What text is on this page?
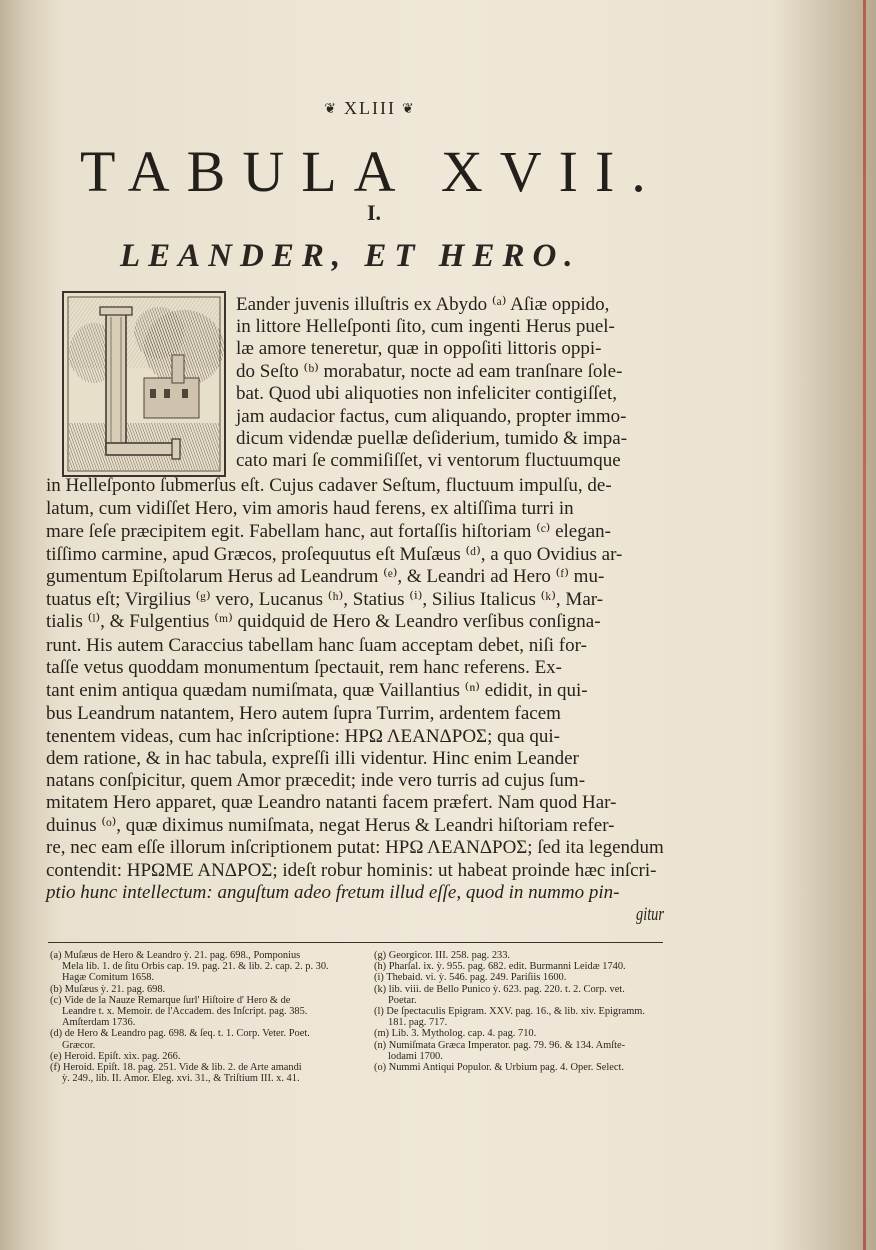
❦ XLIII ❦
TABULA XVII.
I.
LEANDER, ET HERO.
Eander juvenis illuſtris ex Abydo ⁽ᵃ⁾ Aſiæ oppido,
in littore Helleſponti ſito, cum ingenti Herus puel-
læ amore teneretur, quæ in oppoſiti littoris oppi-
do Seſto ⁽ᵇ⁾ morabatur, nocte ad eam tranſnare ſole-
bat. Quod ubi aliquoties non infeliciter contigiſſet,
jam audacior factus, cum aliquando, propter immo-
dicum videndæ puellæ deſiderium, tumido & impa-
cato mari ſe commiſiſſet, vi ventorum fluctuumque
in Helleſponto ſubmerſus eſt. Cujus cadaver Seſtum, fluctuum impulſu, de-
latum, cum vidiſſet Hero, vim amoris haud ferens, ex altiſſima turri in
mare ſeſe præcipitem egit. Fabellam hanc, aut fortaſſis hiſtoriam ⁽ᶜ⁾ elegan-
tiſſimo carmine, apud Græcos, proſequutus eſt Muſæus ⁽ᵈ⁾, a quo Ovidius ar-
gumentum Epiſtolarum Herus ad Leandrum ⁽ᵉ⁾, & Leandri ad Hero ⁽ᶠ⁾ mu-
tuatus eſt; Virgilius ⁽ᵍ⁾ vero, Lucanus ⁽ʰ⁾, Statius ⁽ⁱ⁾, Silius Italicus ⁽ᵏ⁾, Mar-
tialis ⁽ˡ⁾, & Fulgentius ⁽ᵐ⁾ quidquid de Hero & Leandro verſibus conſigna-
runt. His autem Caraccius tabellam hanc ſuam acceptam debet, niſi for-
taſſe vetus quoddam monumentum ſpectauit, rem hanc referens. Ex-
tant enim antiqua quædam numiſmata, quæ Vaillantius ⁽ⁿ⁾ edidit, in qui-
bus Leandrum natantem, Hero autem ſupra Turrim, ardentem facem
tenentem videas, cum hac inſcriptione: ΗΡΩ ΛΕΑΝΔΡΟΣ; qua qui-
dem ratione, & in hac tabula, expreſſi illi videntur. Hinc enim Leander
natans conſpicitur, quem Amor præcedit; inde vero turris ad cujus ſum-
mitatem Hero apparet, quæ Leandro natanti facem præfert. Nam quod Har-
duinus ⁽ᵒ⁾, quæ diximus numiſmata, negat Herus & Leandri hiſtoriam refer-
re, nec eam eſſe illorum inſcriptionem putat: ΗΡΩ ΛΕΑΝΔΡΟΣ; ſed ita legendum
contendit: ΗΡΩΜΕ ΑΝΔΡΟΣ; ideſt robur hominis: ut habeat proinde hæc inſcri-
ptio hunc intellectum: anguſtum adeo fretum illud eſſe, quod in nummo pin-
gitur
(a) Muſæus de Hero & Leandro ỳ. 21. pag. 698., Pomponius
Mela lib. 1. de ſitu Orbis cap. 19. pag. 21. & lib. 2. cap. 2. p. 30.
Hagæ Comitum 1658.
(b) Muſæus ỳ. 21. pag. 698.
(c) Vide de la Nauze Remarque ſurl' Hiſtoire d' Hero & de
Leandre t. x. Memoir. de l'Accadem. des Inſcript. pag. 385.
Amſterdam 1736.
(d) de Hero & Leandro pag. 698. & ſeq. t. 1. Corp. Veter. Poet.
Græcor.
(e) Heroid. Epiſt. xix. pag. 266.
(f) Heroid. Epiſt. 18. pag. 251. Vide & lib. 2. de Arte amandi
ỳ. 249., lib. II. Amor. Eleg. xvi. 31., & Triſtium III. x. 41.
(g) Georgicor. III. 258. pag. 233.
(h) Pharſal. ix. ỳ. 955. pag. 682. edit. Burmanni Leidæ 1740.
(i) Thebaid. vi. ỳ. 546. pag. 249. Pariſiis 1600.
(k) lib. viii. de Bello Punico ỳ. 623. pag. 220. t. 2. Corp. vet.
Poetar.
(l) De ſpectaculis Epigram. XXV. pag. 16., & lib. xiv. Epigramm.
181. pag. 717.
(m) Lib. 3. Mytholog. cap. 4. pag. 710.
(n) Numiſmata Græca Imperator. pag. 79. 96. & 134. Amſte-
lodami 1700.
(o) Nummi Antiqui Populor. & Urbium pag. 4. Oper. Select.
